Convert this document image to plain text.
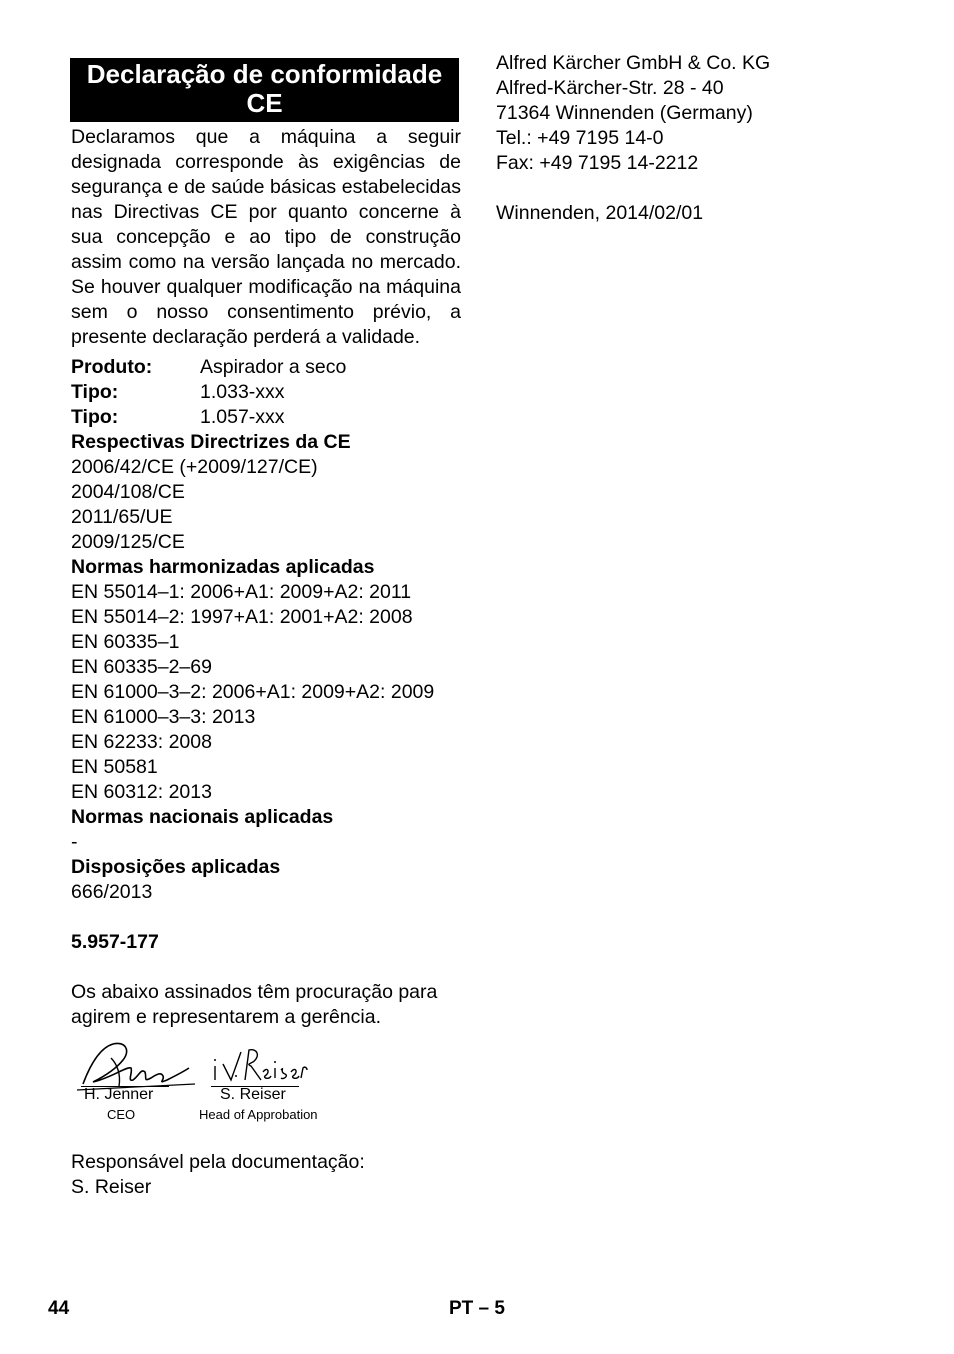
Declaração de conformidade CE
Declaramos que a máquina a seguir designada corresponde às exigências de segurança e de saúde básicas estabelecidas nas Directivas CE por quanto concerne à sua concepção e ao tipo de construção assim como na versão lançada no mercado. Se houver qualquer modificação na máquina sem o nosso consentimento prévio, a presente declaração perderá a validade.
Produto:	Aspirador a seco
Tipo:	1.033-xxx
Tipo:	1.057-xxx
Respectivas Directrizes da CE
2006/42/CE (+2009/127/CE)
2004/108/CE
2011/65/UE
2009/125/CE
Normas harmonizadas aplicadas
EN 55014–1: 2006+A1: 2009+A2: 2011
EN 55014–2: 1997+A1: 2001+A2: 2008
EN 60335–1
EN 60335–2–69
EN 61000–3–2: 2006+A1: 2009+A2: 2009
EN 61000–3–3: 2013
EN 62233: 2008
EN 50581
EN 60312: 2013
Normas nacionais aplicadas
-
Disposições aplicadas
666/2013
5.957-177
Os abaixo assinados têm procuração para agirem e representarem a gerência.
H. Jenner
CEO
S. Reiser
Head of Approbation
Responsável pela documentação:
S. Reiser
Alfred Kärcher GmbH & Co. KG
Alfred-Kärcher-Str. 28 - 40
71364 Winnenden (Germany)
Tel.: +49 7195 14-0
Fax: +49 7195 14-2212
Winnenden, 2014/02/01
44	PT – 5
